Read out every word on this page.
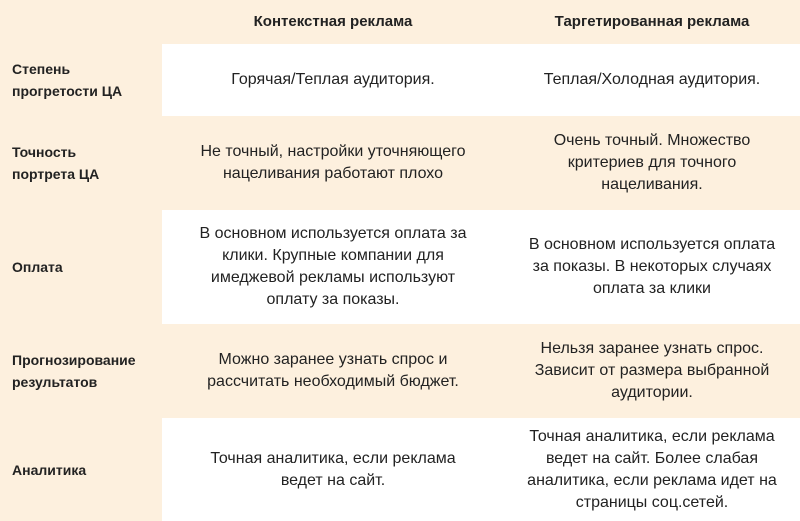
Контекстная реклама	Таргетированная реклама
Степень
прогретости ЦА
Горячая/Теплая аудитория.	Теплая/Холодная аудитория.
Точность
портрета ЦА
Не точный, настройки уточняющего
нацеливания работают плохо
Очень точный. Множество
критериев для точного
нацеливания.
Оплата
В основном используется оплата за
клики. Крупные компании для
имеджевой рекламы используют
оплату за показы.
В основном используется оплата
за показы. В некоторых случаях
оплата за клики
Прогнозирование
результатов
Можно заранее узнать спрос и
рассчитать необходимый бюджет.
Нельзя заранее узнать спрос.
Зависит от размера выбранной
аудитории.
Аналитика
Точная аналитика, если реклама
ведет на сайт.
Точная аналитика, если реклама
ведет на сайт. Более слабая
аналитика, если реклама идет на
страницы соц.сетей.
